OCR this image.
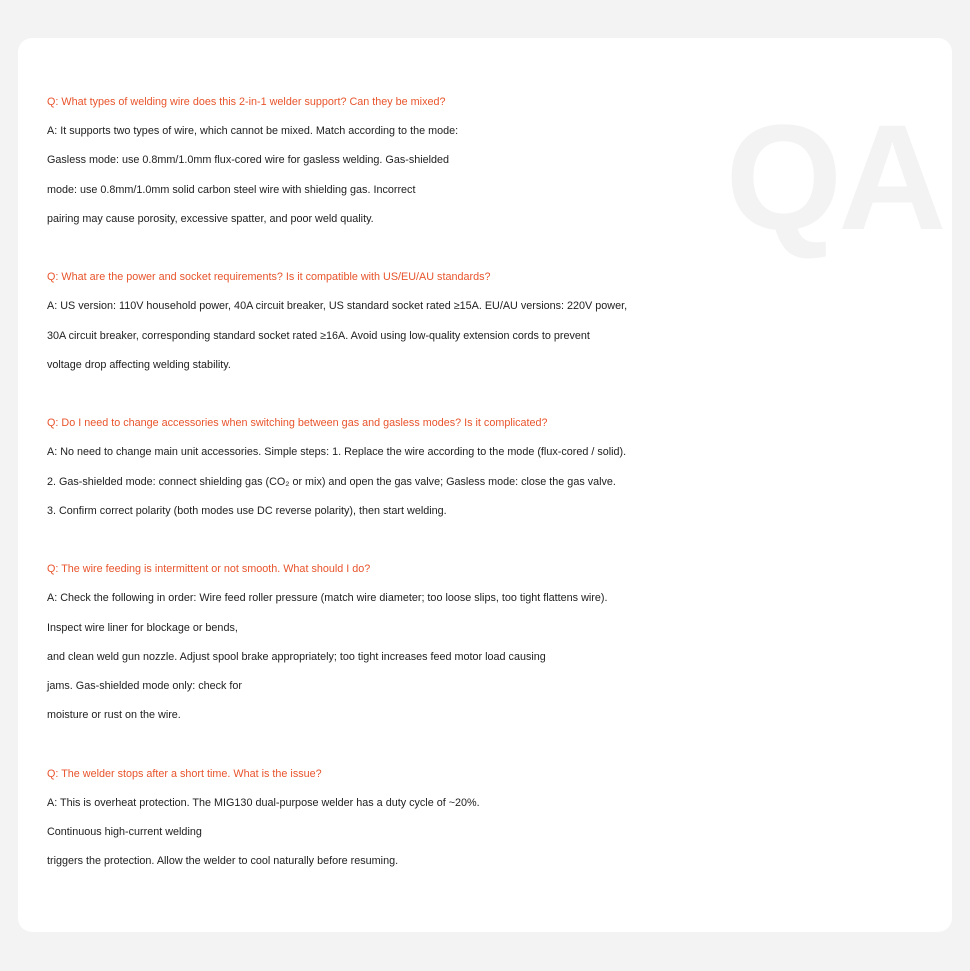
QA
Q: What types of welding wire does this 2-in-1 welder support? Can they be mixed?
A: It supports two types of wire, which cannot be mixed. Match according to the mode:
Gasless mode: use 0.8mm/1.0mm flux-cored wire for gasless welding. Gas-shielded
mode: use 0.8mm/1.0mm solid carbon steel wire with shielding gas. Incorrect
pairing may cause porosity, excessive spatter, and poor weld quality.
Q: What are the power and socket requirements? Is it compatible with US/EU/AU standards?
A: US version: 110V household power, 40A circuit breaker, US standard socket rated ≥15A. EU/AU versions: 220V power,
30A circuit breaker, corresponding standard socket rated ≥16A. Avoid using low-quality extension cords to prevent
voltage drop affecting welding stability.
Q: Do I need to change accessories when switching between gas and gasless modes? Is it complicated?
A: No need to change main unit accessories. Simple steps: 1. Replace the wire according to the mode (flux-cored / solid).
2. Gas-shielded mode: connect shielding gas (CO₂ or mix) and open the gas valve; Gasless mode: close the gas valve.
3. Confirm correct polarity (both modes use DC reverse polarity), then start welding.
Q: The wire feeding is intermittent or not smooth. What should I do?
A: Check the following in order: Wire feed roller pressure (match wire diameter; too loose slips, too tight flattens wire).
Inspect wire liner for blockage or bends,
and clean weld gun nozzle. Adjust spool brake appropriately; too tight increases feed motor load causing
jams. Gas-shielded mode only: check for
moisture or rust on the wire.
Q: The welder stops after a short time. What is the issue?
A: This is overheat protection. The MIG130 dual-purpose welder has a duty cycle of ~20%.
Continuous high-current welding
triggers the protection. Allow the welder to cool naturally before resuming.
